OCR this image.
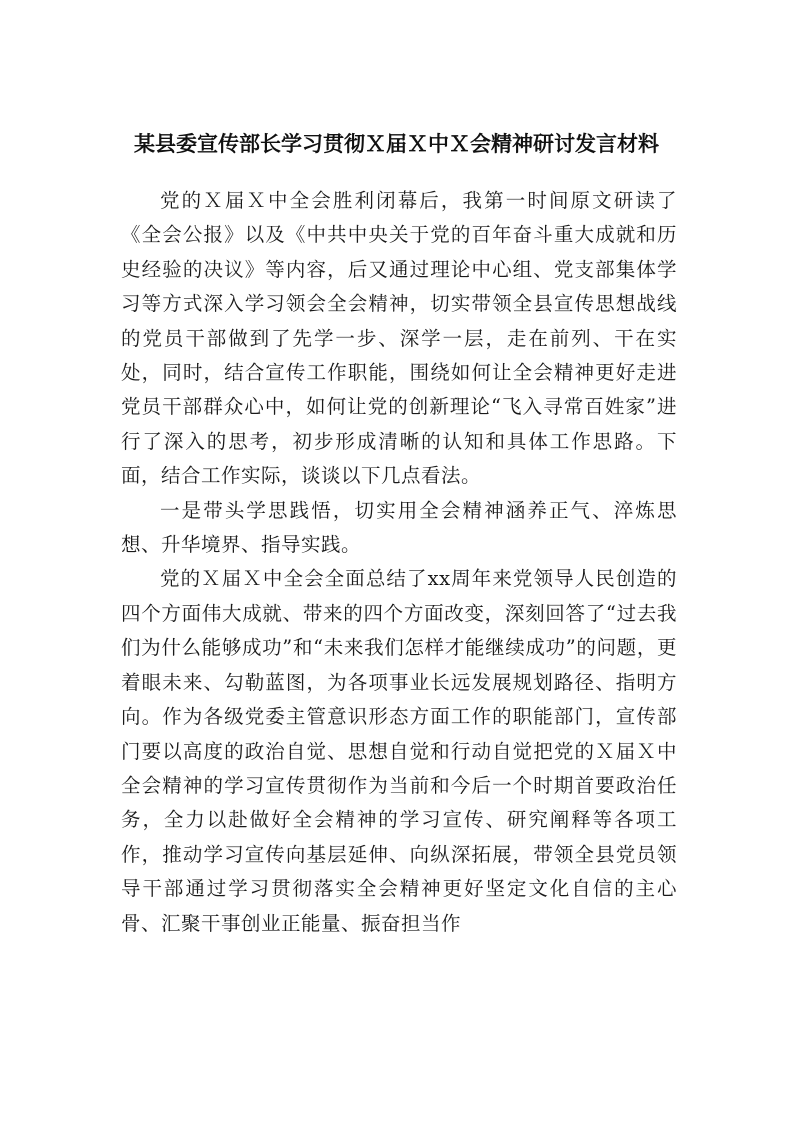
某县委宣传部长学习贯彻Ｘ届Ｘ中Ｘ会精神研讨发言材料

党的Ｘ届Ｘ中全会胜利闭幕后，我第一时间原文研读了《全会公报》以及《中共中央关于党的百年奋斗重大成就和历史经验的决议》等内容，后又通过理论中心组、党支部集体学习等方式深入学习领会全会精神，切实带领全县宣传思想战线的党员干部做到了先学一步、深学一层，走在前列、干在实处，同时，结合宣传工作职能，围绕如何让全会精神更好走进党员干部群众心中，如何让党的创新理论“飞入寻常百姓家”进行了深入的思考，初步形成清晰的认知和具体工作思路。下面，结合工作实际，谈谈以下几点看法。

一是带头学思践悟，切实用全会精神涵养正气、淬炼思想、升华境界、指导实践。

党的Ｘ届Ｘ中全会全面总结了xx周年来党领导人民创造的四个方面伟大成就、带来的四个方面改变，深刻回答了“过去我们为什么能够成功”和“未来我们怎样才能继续成功”的问题，更着眼未来、勾勒蓝图，为各项事业长远发展规划路径、指明方向。作为各级党委主管意识形态方面工作的职能部门，宣传部门要以高度的政治自觉、思想自觉和行动自觉把党的Ｘ届Ｘ中全会精神的学习宣传贯彻作为当前和今后一个时期首要政治任务，全力以赴做好全会精神的学习宣传、研究阐释等各项工作，推动学习宣传向基层延伸、向纵深拓展，带领全县党员领导干部通过学习贯彻落实全会精神更好坚定文化自信的主心骨、汇聚干事创业正能量、振奋担当作
